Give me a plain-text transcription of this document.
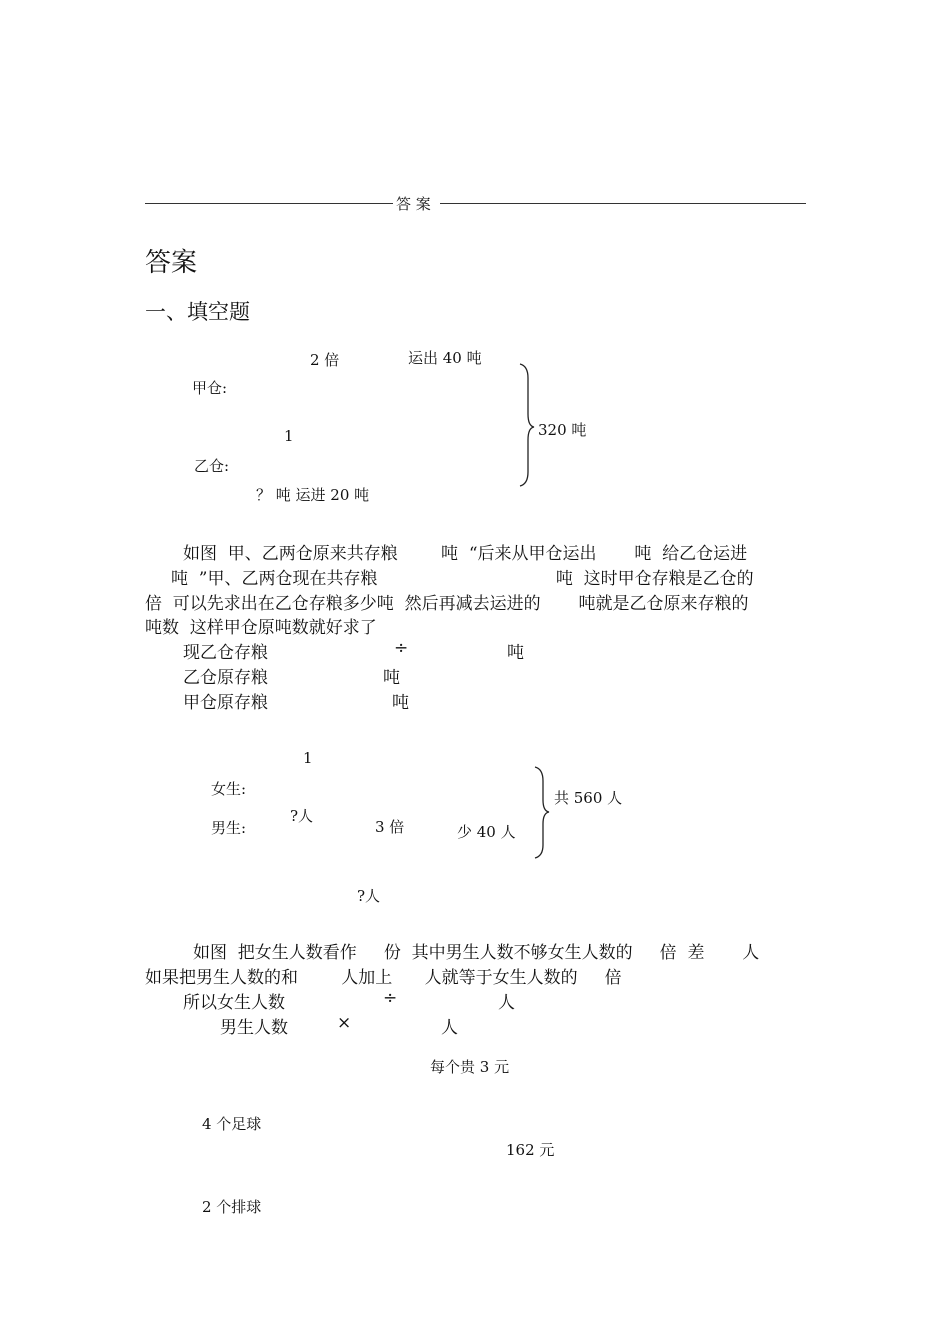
答 案
答案
一、填空题
2 倍	运出 40 吨
甲仓:
1
乙仓:
？ 吨 运进 20 吨
320 吨
如图  甲、乙两仓原来共存粮        吨  “后来从甲仓运出       吨  给乙仓运进
吨  ”甲、乙两仓现在共存粮                                 吨  这时甲仓存粮是乙仓的
倍  可以先求出在乙仓存粮多少吨  然后再减去运进的       吨就是乙仓原来存粮的
吨数  这样甲仓原吨数就好求了
现乙仓存粮	÷	吨
乙仓原存粮	吨
甲仓原存粮	吨
1
女生:
?人
男生:	3 倍	少 40 人
共 560 人
?人
如图  把女生人数看作     份  其中男生人数不够女生人数的     倍  差       人
如果把男生人数的和        人加上      人就等于女生人数的     倍
所以女生人数	÷	人
男生人数	×	人
每个贵 3 元
4 个足球
162 元
2 个排球
